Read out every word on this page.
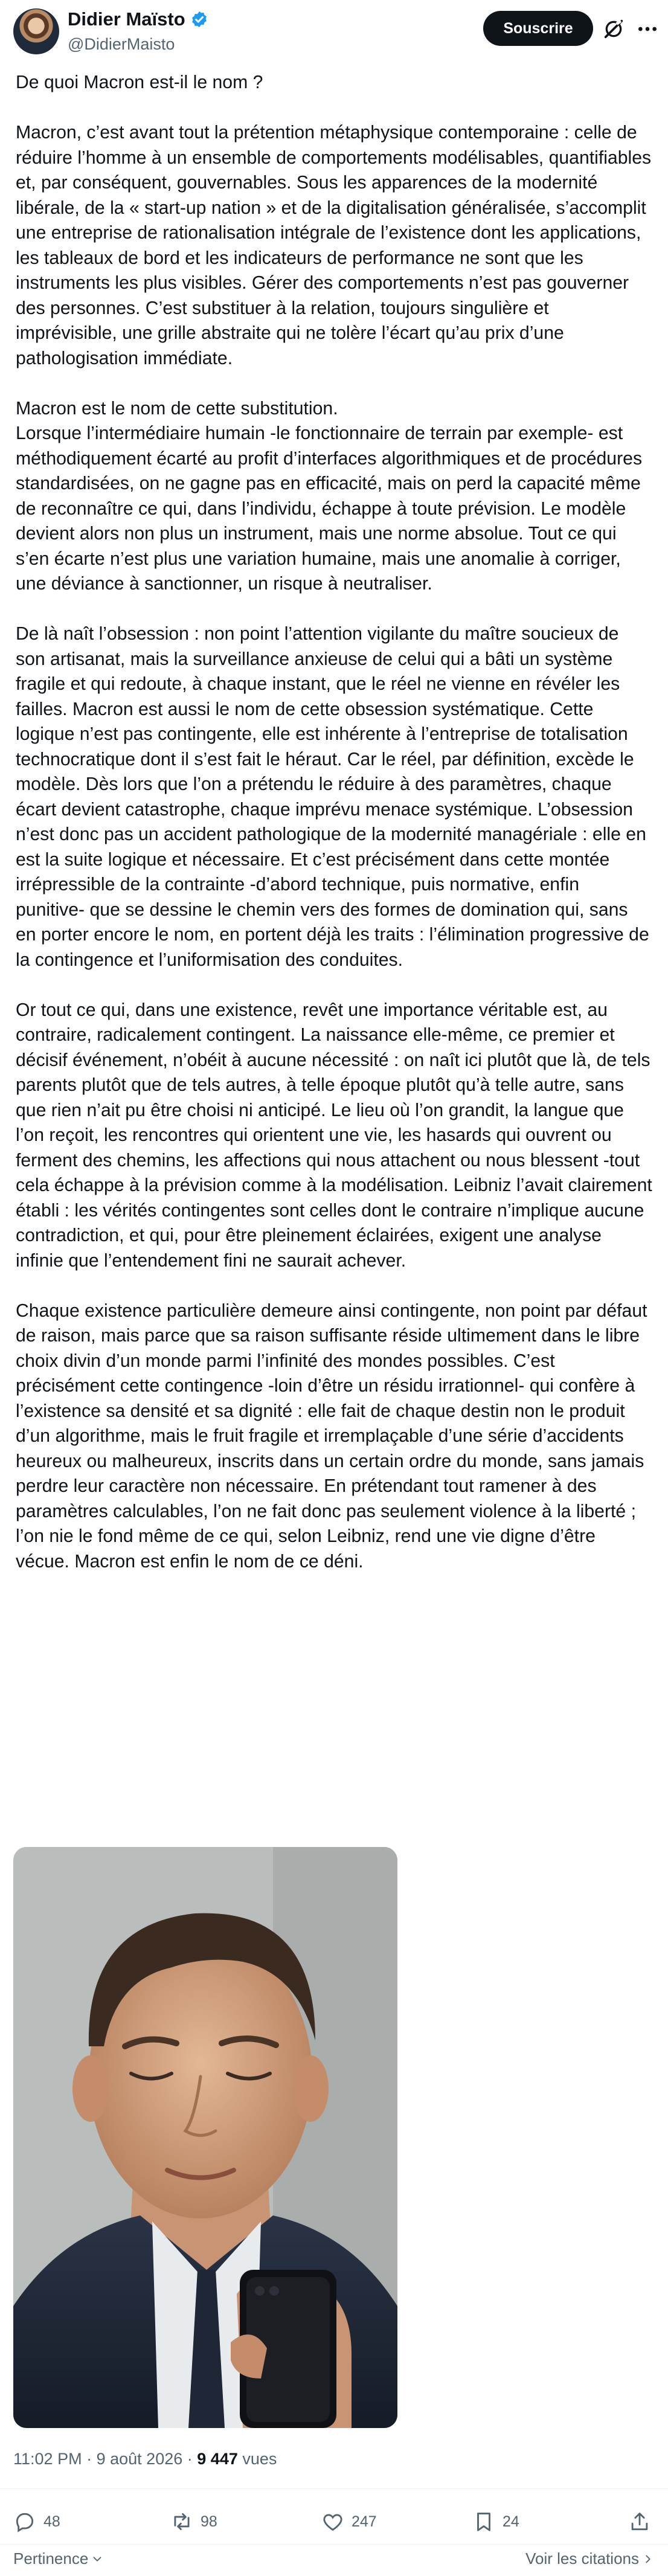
Didier Maïsto
@DidierMaisto
Souscrire
De quoi Macron est-il le nom ?

Macron, c’est avant tout la prétention métaphysique contemporaine : celle de réduire l’homme à un ensemble de comportements modélisables, quantifiables et, par conséquent, gouvernables. Sous les apparences de la modernité libérale, de la « start-up nation » et de la digitalisation généralisée, s’accomplit une entreprise de rationalisation intégrale de l’existence dont les applications, les tableaux de bord et les indicateurs de performance ne sont que les instruments les plus visibles. Gérer des comportements n’est pas gouverner des personnes. C’est substituer à la relation, toujours singulière et imprévisible, une grille abstraite qui ne tolère l’écart qu’au prix d’une pathologisation immédiate.

Macron est le nom de cette substitution.
Lorsque l’intermédiaire humain -le fonctionnaire de terrain par exemple- est méthodiquement écarté au profit d’interfaces algorithmiques et de procédures standardisées, on ne gagne pas en efficacité, mais on perd la capacité même de reconnaître ce qui, dans l’individu, échappe à toute prévision. Le modèle devient alors non plus un instrument, mais une norme absolue. Tout ce qui s’en écarte n’est plus une variation humaine, mais une anomalie à corriger, une déviance à sanctionner, un risque à neutraliser.

De là naît l’obsession : non point l’attention vigilante du maître soucieux de son artisanat, mais la surveillance anxieuse de celui qui a bâti un système fragile et qui redoute, à chaque instant, que le réel ne vienne en révéler les failles. Macron est aussi le nom de cette obsession systématique. Cette logique n’est pas contingente, elle est inhérente à l’entreprise de totalisation technocratique dont il s’est fait le héraut. Car le réel, par définition, excède le modèle. Dès lors que l’on a prétendu le réduire à des paramètres, chaque écart devient catastrophe, chaque imprévu menace systémique. L’obsession n’est donc pas un accident pathologique de la modernité managériale : elle en est la suite logique et nécessaire. Et c’est précisément dans cette montée irrépressible de la contrainte -d’abord technique, puis normative, enfin punitive- que se dessine le chemin vers des formes de domination qui, sans en porter encore le nom, en portent déjà les traits : l’élimination progressive de la contingence et l’uniformisation des conduites.

Or tout ce qui, dans une existence, revêt une importance véritable est, au contraire, radicalement contingent. La naissance elle-même, ce premier et décisif événement, n’obéit à aucune nécessité : on naît ici plutôt que là, de tels parents plutôt que de tels autres, à telle époque plutôt qu’à telle autre, sans que rien n’ait pu être choisi ni anticipé. Le lieu où l’on grandit, la langue que l’on reçoit, les rencontres qui orientent une vie, les hasards qui ouvrent ou ferment des chemins, les affections qui nous attachent ou nous blessent -tout cela échappe à la prévision comme à la modélisation. Leibniz l’avait clairement établi : les vérités contingentes sont celles dont le contraire n’implique aucune contradiction, et qui, pour être pleinement éclairées, exigent une analyse infinie que l’entendement fini ne saurait achever.

Chaque existence particulière demeure ainsi contingente, non point par défaut de raison, mais parce que sa raison suffisante réside ultimement dans le libre choix divin d’un monde parmi l’infinité des mondes possibles. C’est précisément cette contingence -loin d’être un résidu irrationnel- qui confère à l’existence sa densité et sa dignité : elle fait de chaque destin non le produit d’un algorithme, mais le fruit fragile et irremplaçable d’une série d’accidents heureux ou malheureux, inscrits dans un certain ordre du monde, sans jamais perdre leur caractère non nécessaire. En prétendant tout ramener à des paramètres calculables, l’on ne fait donc pas seulement violence à la liberté ; l’on nie le fond même de ce qui, selon Leibniz, rend une vie digne d’être vécue. Macron est enfin le nom de ce déni.
11:02 PM · 9 août 2026 · 9 447 vues
48	98	247	24
Pertinence	Voir les citations
